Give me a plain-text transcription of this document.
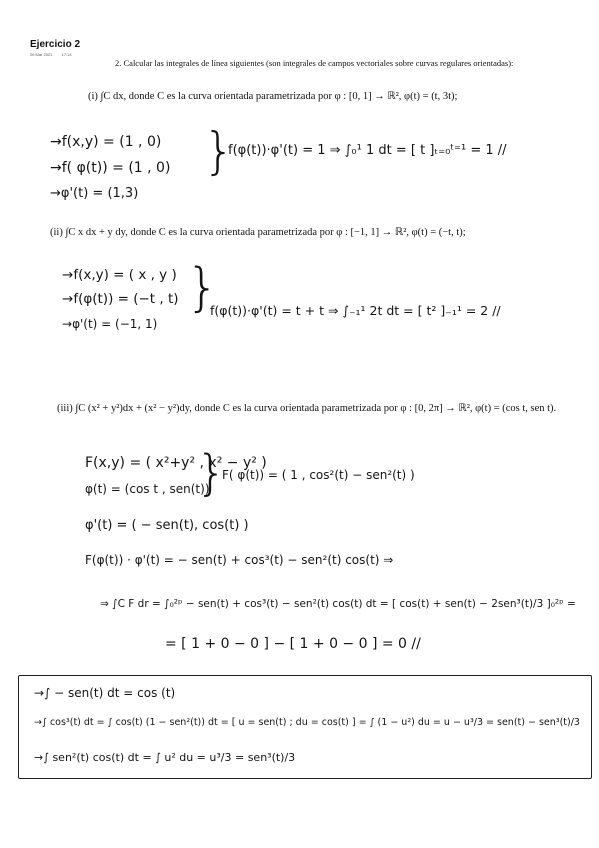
Ejercicio 2
26 Mar 2021 17:14
2. Calcular las integrales de línea siguientes (son integrales de campos vectoriales sobre curvas regulares orientadas):
(i) ∫C dx, donde C es la curva orientada parametrizada por φ : [0, 1] → ℝ², φ(t) = (t, 3t);
→ f(x,y) = (1 , 0)
→ f( φ(t)) = (1 , 0)
→ φ'(t) = (1,3)
}
f(φ(t))·φ'(t) = 1 ⇒ ∫₀¹ 1 dt = [ t ]ₜ₌₀ᵗ⁼¹ = 1 //
(ii) ∫C x dx + y dy, donde C es la curva orientada parametrizada por φ : [−1, 1] → ℝ², φ(t) = (−t, t);
→ f(x,y) = ( x , y )
→ f(φ(t)) = (−t , t)
→ φ'(t) = (−1, 1)
}
f(φ(t))·φ'(t) = t + t ⇒ ∫₋₁¹ 2t dt = [ t² ]₋₁¹ = 2 //
(iii) ∫C (x² + y²)dx + (x² − y²)dy, donde C es la curva orientada parametrizada por φ : [0, 2π] → ℝ², φ(t) = (cos t, sen t).
F(x,y) = ( x²+y² , x² − y² )
φ(t) = (cos t , sen(t))
}
F( φ(t)) = ( 1 , cos²(t) − sen²(t) )
φ'(t) = ( − sen(t), cos(t) )
F(φ(t)) · φ'(t) = − sen(t) + cos³(t) − sen²(t) cos(t) ⇒
⇒ ∫C F dr = ∫₀²ᵖ − sen(t) + cos³(t) − sen²(t) cos(t) dt = [ cos(t) + sen(t) − 2sen³(t)/3 ]₀²ᵖ =
= [ 1 + 0 − 0 ] − [ 1 + 0 − 0 ] = 0 //
→ ∫ − sen(t) dt = cos (t)
→ ∫ cos³(t) dt = ∫ cos(t) (1 − sen²(t)) dt = [ u = sen(t) ; du = cos(t) ] = ∫ (1 − u²) du = u − u³/3 = sen(t) − sen³(t)/3
→ ∫ sen²(t) cos(t) dt = ∫ u² du = u³/3 = sen³(t)/3
